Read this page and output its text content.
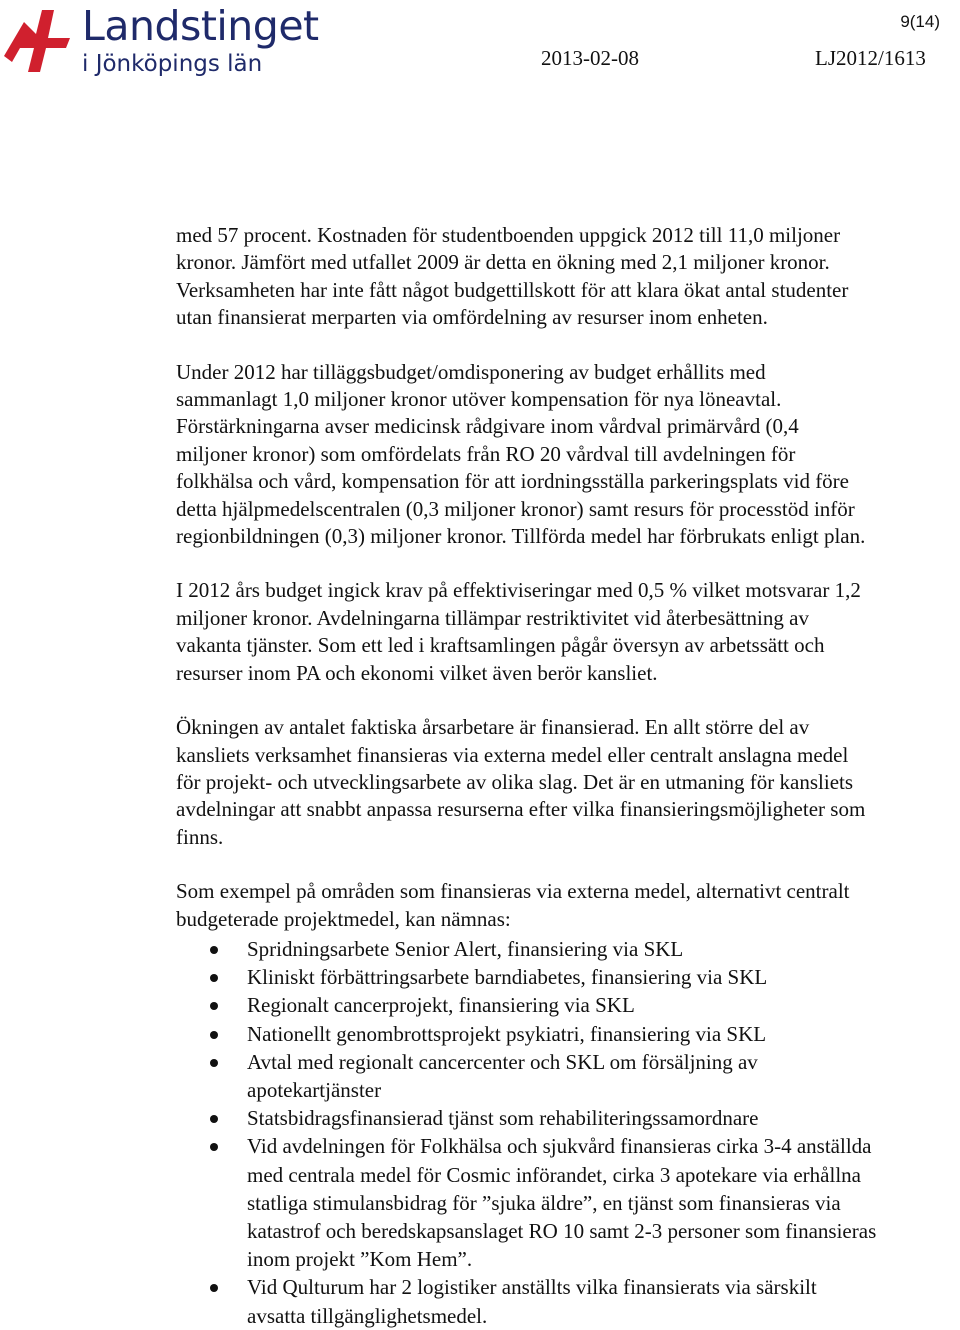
Landstinget
i Jönköpings län
9(14)
2013-02-08	LJ2012/1613

med 57 procent. Kostnaden för studentboenden uppgick 2012 till 11,0 miljoner
kronor. Jämfört med utfallet 2009 är detta en ökning med 2,1 miljoner kronor.
Verksamheten har inte fått något budgettillskott för att klara ökat antal studenter
utan finansierat merparten via omfördelning av resurser inom enheten.

Under 2012 har tilläggsbudget/omdisponering av budget erhållits med
sammanlagt 1,0 miljoner kronor utöver kompensation för nya löneavtal.
Förstärkningarna avser medicinsk rådgivare inom vårdval primärvård (0,4
miljoner kronor) som omfördelats från RO 20 vårdval till avdelningen för
folkhälsa och vård, kompensation för att iordningsställa parkeringsplats vid före
detta hjälpmedelscentralen (0,3 miljoner kronor) samt resurs för processtöd inför
regionbildningen (0,3) miljoner kronor. Tillförda medel har förbrukats enligt plan.

I 2012 års budget ingick krav på effektiviseringar med 0,5 % vilket motsvarar 1,2
miljoner kronor. Avdelningarna tillämpar restriktivitet vid återbesättning av
vakanta tjänster. Som ett led i kraftsamlingen pågår översyn av arbetssätt och
resurser inom PA och ekonomi vilket även berör kansliet.

Ökningen av antalet faktiska årsarbetare är finansierad. En allt större del av
kansliets verksamhet finansieras via externa medel eller centralt anslagna medel
för projekt- och utvecklingsarbete av olika slag. Det är en utmaning för kansliets
avdelningar att snabbt anpassa resurserna efter vilka finansieringsmöjligheter som
finns.

Som exempel på områden som finansieras via externa medel, alternativt centralt
budgeterade projektmedel, kan nämnas:

Spridningsarbete Senior Alert, finansiering via SKL
Kliniskt förbättringsarbete barndiabetes, finansiering via SKL
Regionalt cancerprojekt, finansiering via SKL
Nationellt genombrottsprojekt psykiatri, finansiering via SKL
Avtal med regionalt cancercenter och SKL om försäljning av
apotekartjänster
Statsbidragsfinansierad tjänst som rehabiliteringssamordnare
Vid avdelningen för Folkhälsa och sjukvård finansieras cirka 3-4 anställda
med centrala medel för Cosmic införandet, cirka 3 apotekare via erhållna
statliga stimulansbidrag för ”sjuka äldre”, en tjänst som finansieras via
katastrof och beredskapsanslaget RO 10 samt 2-3 personer som finansieras
inom projekt ”Kom Hem”.
Vid Qulturum har 2 logistiker anställts vilka finansierats via särskilt
avsatta tillgänglighetsmedel.
